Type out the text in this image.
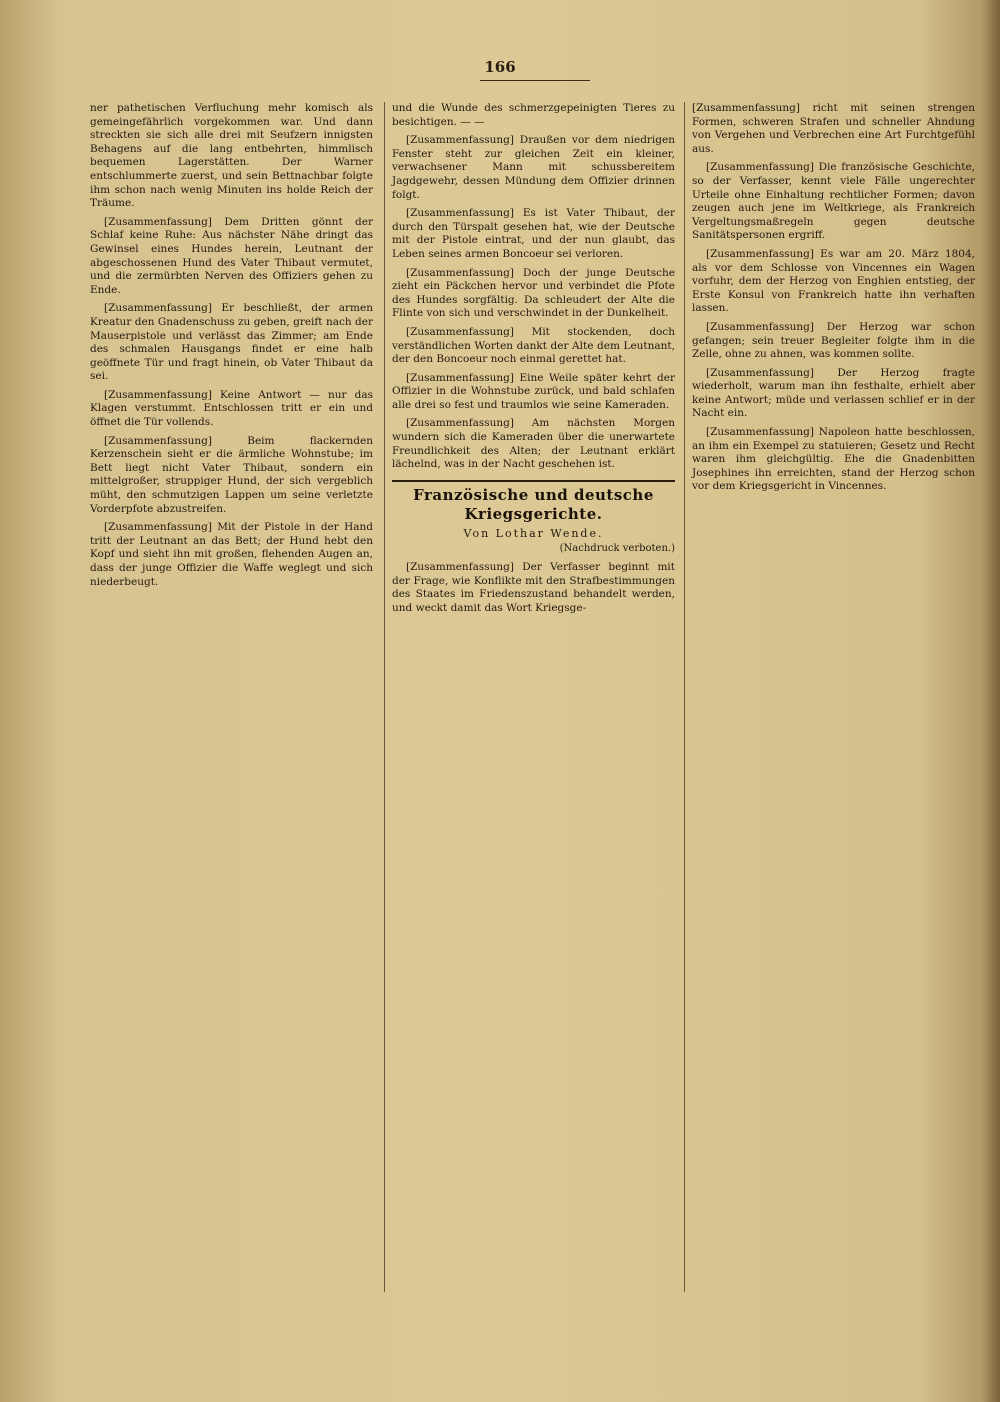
166

ner pathetischen Verfluchung mehr komisch als gemeingefährlich vorgekommen war. Und dann streckten sie sich alle drei mit Seufzern innigsten Behagens auf die lang entbehrten, himmlisch bequemen Lagerstätten. Der Warner entschlummerte zuerst, und sein Bettnachbar folgte ihm schon nach wenig Minuten ins holde Reich der Träume.

[Zusammenfassung] Dem Dritten gönnt der Schlaf keine Ruhe: Aus nächster Nähe dringt das Gewinsel eines Hundes herein, Leutnant der abgeschossenen Hund des Vater Thibaut vermutet, und die zermürbten Nerven des Offiziers gehen zu Ende.

[Zusammenfassung] Er beschließt, der armen Kreatur den Gnadenschuss zu geben, greift nach der Mauserpistole und verlässt das Zimmer; am Ende des schmalen Hausgangs findet er eine halb geöffnete Tür und fragt hinein, ob Vater Thibaut da sei.

[Zusammenfassung] Keine Antwort — nur das Klagen verstummt. Entschlossen tritt er ein und öffnet die Tür vollends.

[Zusammenfassung] Beim flackernden Kerzenschein sieht er die ärmliche Wohnstube; im Bett liegt nicht Vater Thibaut, sondern ein mittelgroßer, struppiger Hund, der sich vergeblich müht, den schmutzigen Lappen um seine verletzte Vorderpfote abzustreifen.

[Zusammenfassung] Mit der Pistole in der Hand tritt der Leutnant an das Bett; der Hund hebt den Kopf und sieht ihn mit großen, flehenden Augen an, dass der junge Offizier die Waffe weglegt und sich niederbeugt.

und die Wunde des schmerzgepeinigten Tieres zu besichtigen. — —

[Zusammenfassung] Draußen vor dem niedrigen Fenster steht zur gleichen Zeit ein kleiner, verwachsener Mann mit schussbereitem Jagdgewehr, dessen Mündung dem Offizier drinnen folgt.

[Zusammenfassung] Es ist Vater Thibaut, der durch den Türspalt gesehen hat, wie der Deutsche mit der Pistole eintrat, und der nun glaubt, das Leben seines armen Boncoeur sei verloren.

[Zusammenfassung] Doch der junge Deutsche zieht ein Päckchen hervor und verbindet die Pfote des Hundes sorgfältig. Da schleudert der Alte die Flinte von sich und verschwindet in der Dunkelheit.

[Zusammenfassung] Mit stockenden, doch verständlichen Worten dankt der Alte dem Leutnant, der den Boncoeur noch einmal gerettet hat.

[Zusammenfassung] Eine Weile später kehrt der Offizier in die Wohnstube zurück, und bald schlafen alle drei so fest und traumlos wie seine Kameraden.

[Zusammenfassung] Am nächsten Morgen wundern sich die Kameraden über die unerwartete Freundlichkeit des Alten; der Leutnant erklärt lächelnd, was in der Nacht geschehen ist.

Französische und deutsche Kriegsgerichte.
Von Lothar Wende.
(Nachdruck verboten.)

[Zusammenfassung] Der Verfasser beginnt mit der Frage, wie Konflikte mit den Strafbestimmungen des Staates im Friedenszustand behandelt werden, und weckt damit das Wort Kriegsge-

[Zusammenfassung] richt mit seinen strengen Formen, schweren Strafen und schneller Ahndung von Vergehen und Verbrechen eine Art Furchtgefühl aus.

[Zusammenfassung] Die französische Geschichte, so der Verfasser, kennt viele Fälle ungerechter Urteile ohne Einhaltung rechtlicher Formen; davon zeugen auch jene im Weltkriege, als Frankreich Vergeltungsmaßregeln gegen deutsche Sanitätspersonen ergriff.

[Zusammenfassung] Es war am 20. März 1804, als vor dem Schlosse von Vincennes ein Wagen vorfuhr, dem der Herzog von Enghien entstieg, der Erste Konsul von Frankreich hatte ihn verhaften lassen.

[Zusammenfassung] Der Herzog war schon gefangen; sein treuer Begleiter folgte ihm in die Zelle, ohne zu ahnen, was kommen sollte.

[Zusammenfassung] Der Herzog fragte wiederholt, warum man ihn festhalte, erhielt aber keine Antwort; müde und verlassen schlief er in der Nacht ein.

[Zusammenfassung] Napoleon hatte beschlossen, an ihm ein Exempel zu statuieren; Gesetz und Recht waren ihm gleichgültig. Ehe die Gnadenbitten Josephines ihn erreichten, stand der Herzog schon vor dem Kriegsgericht in Vincennes.
